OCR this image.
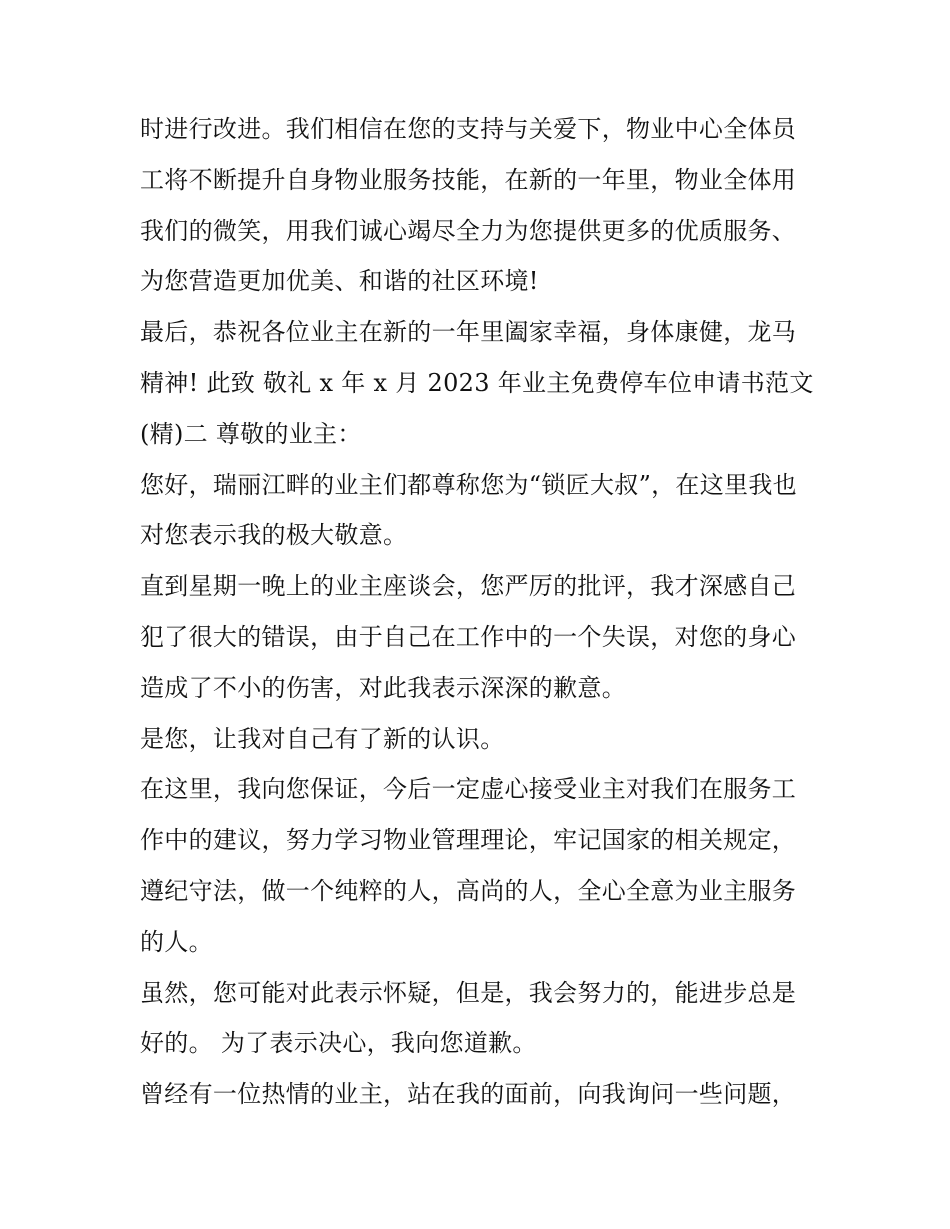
时进行改进。我们相信在您的支持与关爱下，物业中心全体员
工将不断提升自身物业服务技能，在新的一年里，物业全体用
我们的微笑，用我们诚心竭尽全力为您提供更多的优质服务、
为您营造更加优美、和谐的社区环境!
最后，恭祝各位业主在新的一年里阖家幸福，身体康健，龙马
精神! 此致 敬礼 x 年 x 月 2023 年业主免费停车位申请书范文
(精)二 尊敬的业主：
您好，瑞丽江畔的业主们都尊称您为“锁匠大叔”，在这里我也
对您表示我的极大敬意。
直到星期一晚上的业主座谈会，您严厉的批评，我才深感自己
犯了很大的错误，由于自己在工作中的一个失误，对您的身心
造成了不小的伤害，对此我表示深深的歉意。
是您，让我对自己有了新的认识。
在这里，我向您保证，今后一定虚心接受业主对我们在服务工
作中的建议，努力学习物业管理理论，牢记国家的相关规定，
遵纪守法，做一个纯粹的人，高尚的人，全心全意为业主服务
的人。
虽然，您可能对此表示怀疑，但是，我会努力的，能进步总是
好的。 为了表示决心，我向您道歉。
曾经有一位热情的业主，站在我的面前，向我询问一些问题，
